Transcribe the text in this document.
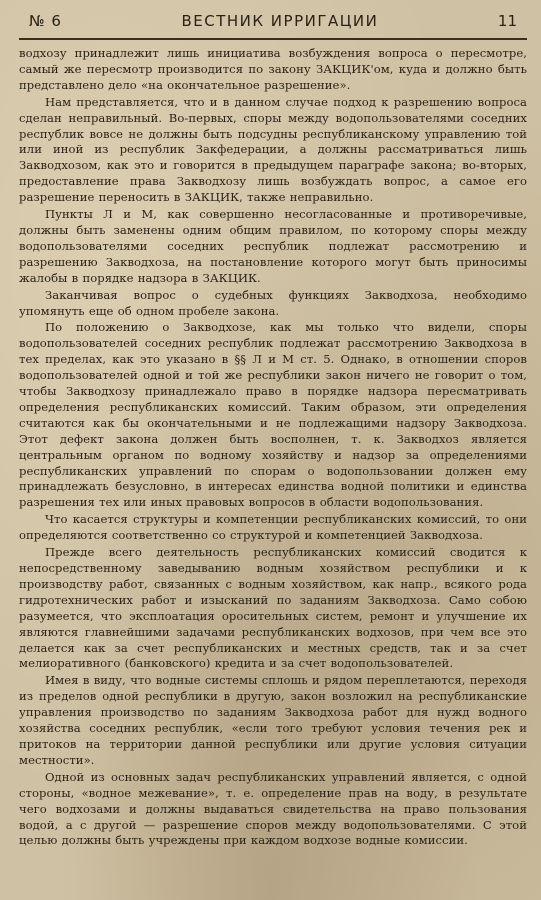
№ 6	ВЕСТНИК ИРРИГАЦИИ	11

водхозу принадлежит лишь инициатива возбуждения вопроса о пересмотре, самый же пересмотр производится по закону ЗАКЦИК'ом, куда и должно быть представлено дело «на окончательное разрешение».

Нам представляется, что и в данном случае подход к разрешению вопроса сделан неправильный. Во-первых, споры между водопользователями соседних республик вовсе не должны быть подсудны республиканскому управлению той или иной из республик Закфедерации, а должны рассматриваться лишь Закводхозом, как это и говорится в предыдущем параграфе закона; во-вторых, предоставление права Закводхозу лишь возбуждать вопрос, а самое его разрешение переносить в ЗАКЦИК, также неправильно.

Пункты Л и М, как совершенно несогласованные и противоречивые, должны быть заменены одним общим правилом, по которому споры между водопользователями соседних республик подлежат рассмотрению и разрешению Закводхоза, на постановление которого могут быть приносимы жалобы в порядке надзора в ЗАКЦИК.

Заканчивая вопрос о судебных функциях Закводхоза, необходимо упомянуть еще об одном пробеле закона.

По положению о Закводхозе, как мы только что видели, споры водопользователей соседних республик подлежат рассмотрению Закводхоза в тех пределах, как это указано в §§ Л и М ст. 5. Однако, в отношении споров водопользователей одной и той же республики закон ничего не говорит о том, чтобы Закводхозу принадлежало право в порядке надзора пересматривать определения республиканских комиссий. Таким образом, эти определения считаются как бы окончательными и не подлежащими надзору Закводхоза. Этот дефект закона должен быть восполнен, т. к. Закводхоз является центральным органом по водному хозяйству и надзор за определениями республиканских управлений по спорам о водопользовании должен ему принадлежать безусловно, в интересах единства водной политики и единства разрешения тех или иных правовых вопросов в области водопользования.

Что касается структуры и компетенции республиканских комиссий, то они определяются соответственно со структурой и компетенцией Закводхоза.

Прежде всего деятельность республиканских комиссий сводится к непосредственному заведыванию водным хозяйством республики и к производству работ, связанных с водным хозяйством, как напр., всякого рода гидротехнических работ и изысканий по заданиям Закводхоза. Само собою разумеется, что эксплоатация оросительных систем, ремонт и улучшение их являются главнейшими задачами республиканских водхозов, при чем все это делается как за счет республиканских и местных средств, так и за счет мелиоративного (банковского) кредита и за счет водопользователей.

Имея в виду, что водные системы сплошь и рядом переплетаются, переходя из пределов одной республики в другую, закон возложил на республиканские управления производство по заданиям Закводхоза работ для нужд водного хозяйства соседних республик, «если того требуют условия течения рек и притоков на территории данной республики или другие условия ситуации местности».

Одной из основных задач республиканских управлений является, с одной стороны, «водное межевание», т. е. определение прав на воду, в результате чего водхозами и должны выдаваться свидетельства на право пользования водой, а с другой — разрешение споров между водопользователями. С этой целью должны быть учреждены при каждом водхозе водные комиссии.
